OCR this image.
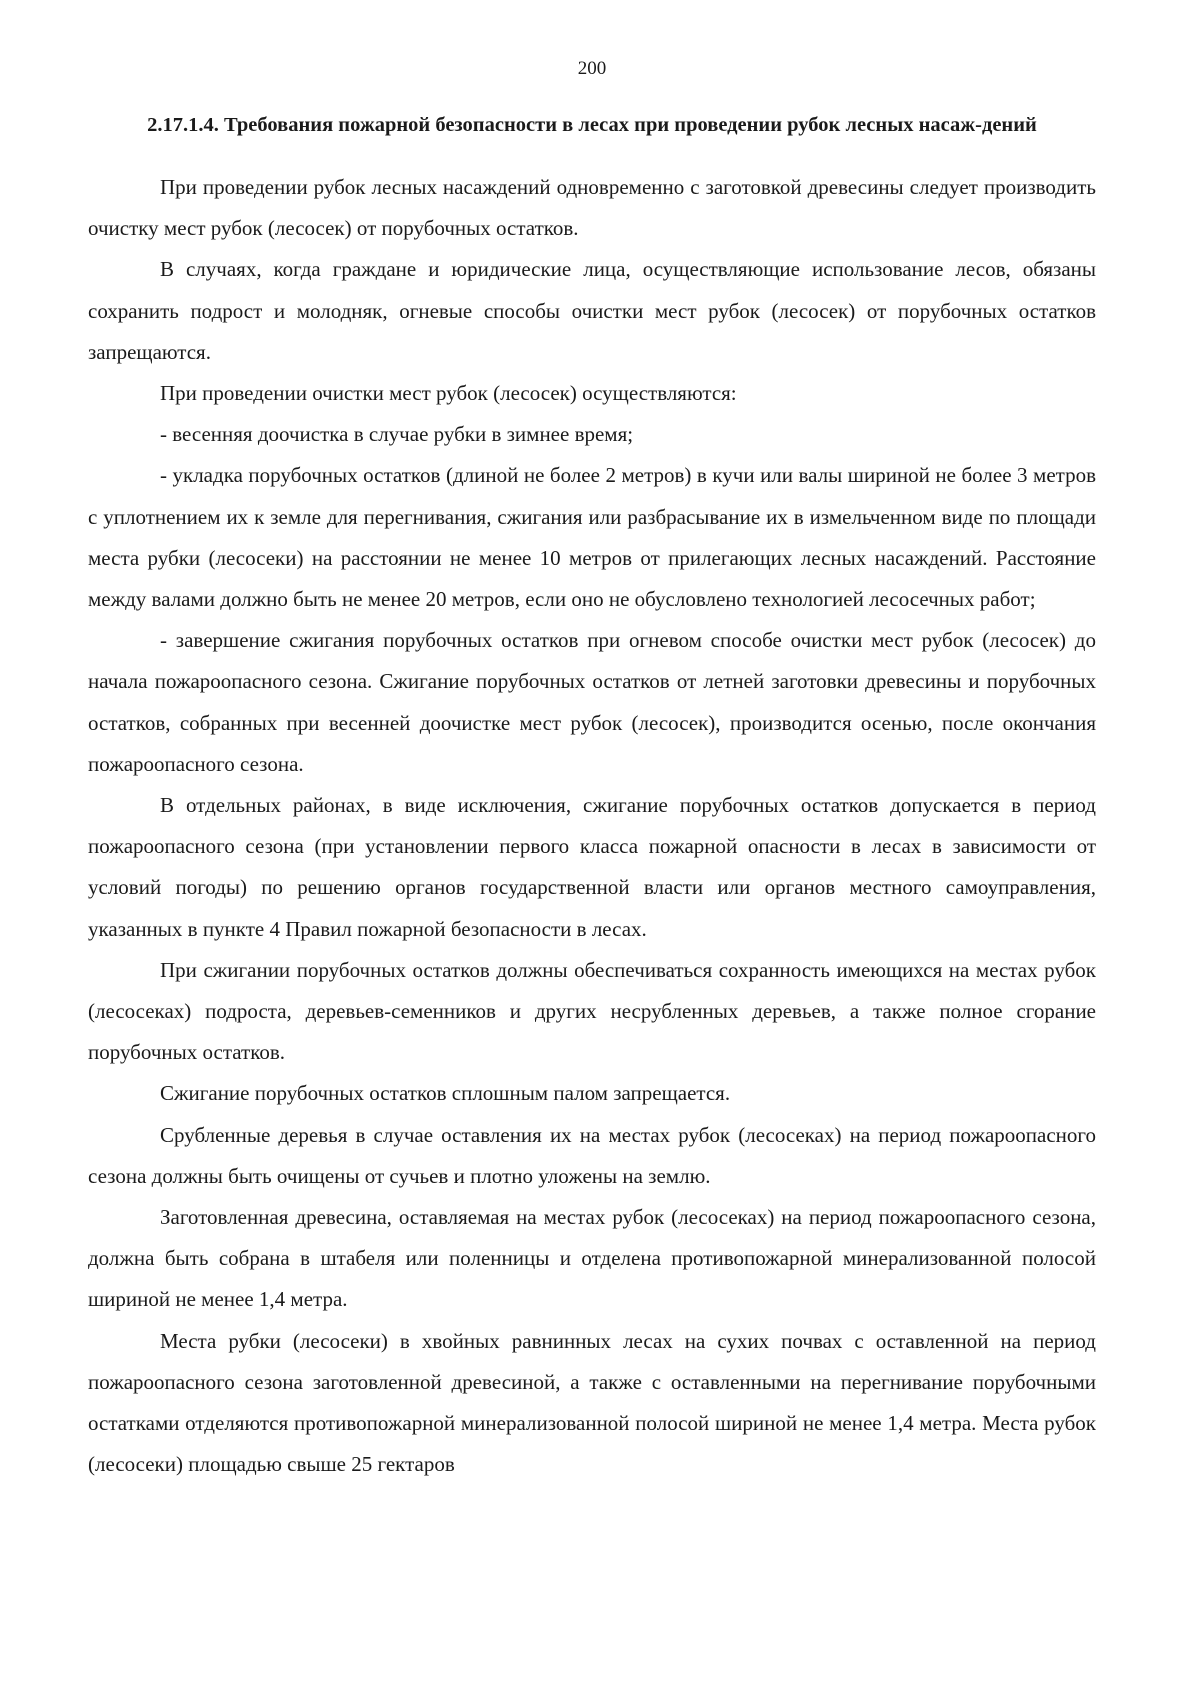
200
2.17.1.4. Требования пожарной безопасности в лесах при проведении рубок лесных насаж-дений

При проведении рубок лесных насаждений одновременно с заготовкой древесины следует производить очистку мест рубок (лесосек) от порубочных остатков.

В случаях, когда граждане и юридические лица, осуществляющие использование лесов, обязаны сохранить подрост и молодняк, огневые способы очистки мест рубок (лесосек) от порубочных остатков запрещаются.

При проведении очистки мест рубок (лесосек) осуществляются:

- весенняя доочистка в случае рубки в зимнее время;

- укладка порубочных остатков (длиной не более 2 метров) в кучи или валы шириной не более 3 метров с уплотнением их к земле для перегнивания, сжигания или разбрасывание их в измельченном виде по площади места рубки (лесосеки) на расстоянии не менее 10 метров от прилегающих лесных насаждений. Расстояние между валами должно быть не менее 20 метров, если оно не обусловлено технологией лесосечных работ;

- завершение сжигания порубочных остатков при огневом способе очистки мест рубок (лесосек) до начала пожароопасного сезона. Сжигание порубочных остатков от летней заготовки древесины и порубочных остатков, собранных при весенней доочистке мест рубок (лесосек), производится осенью, после окончания пожароопасного сезона.

В отдельных районах, в виде исключения, сжигание порубочных остатков допускается в период пожароопасного сезона (при установлении первого класса пожарной опасности в лесах в зависимости от условий погоды) по решению органов государственной власти или органов местного самоуправления, указанных в пункте 4 Правил пожарной безопасности в лесах.

При сжигании порубочных остатков должны обеспечиваться сохранность имеющихся на местах рубок (лесосеках) подроста, деревьев-семенников и других несрубленных деревьев, а также полное сгорание порубочных остатков.

Сжигание порубочных остатков сплошным палом запрещается.

Срубленные деревья в случае оставления их на местах рубок (лесосеках) на период пожароопасного сезона должны быть очищены от сучьев и плотно уложены на землю.

Заготовленная древесина, оставляемая на местах рубок (лесосеках) на период пожароопасного сезона, должна быть собрана в штабеля или поленницы и отделена противопожарной минерализованной полосой шириной не менее 1,4 метра.

Места рубки (лесосеки) в хвойных равнинных лесах на сухих почвах с оставленной на период пожароопасного сезона заготовленной древесиной, а также с оставленными на перегнивание порубочными остатками отделяются противопожарной минерализованной полосой шириной не менее 1,4 метра. Места рубок (лесосеки) площадью свыше 25 гектаров
